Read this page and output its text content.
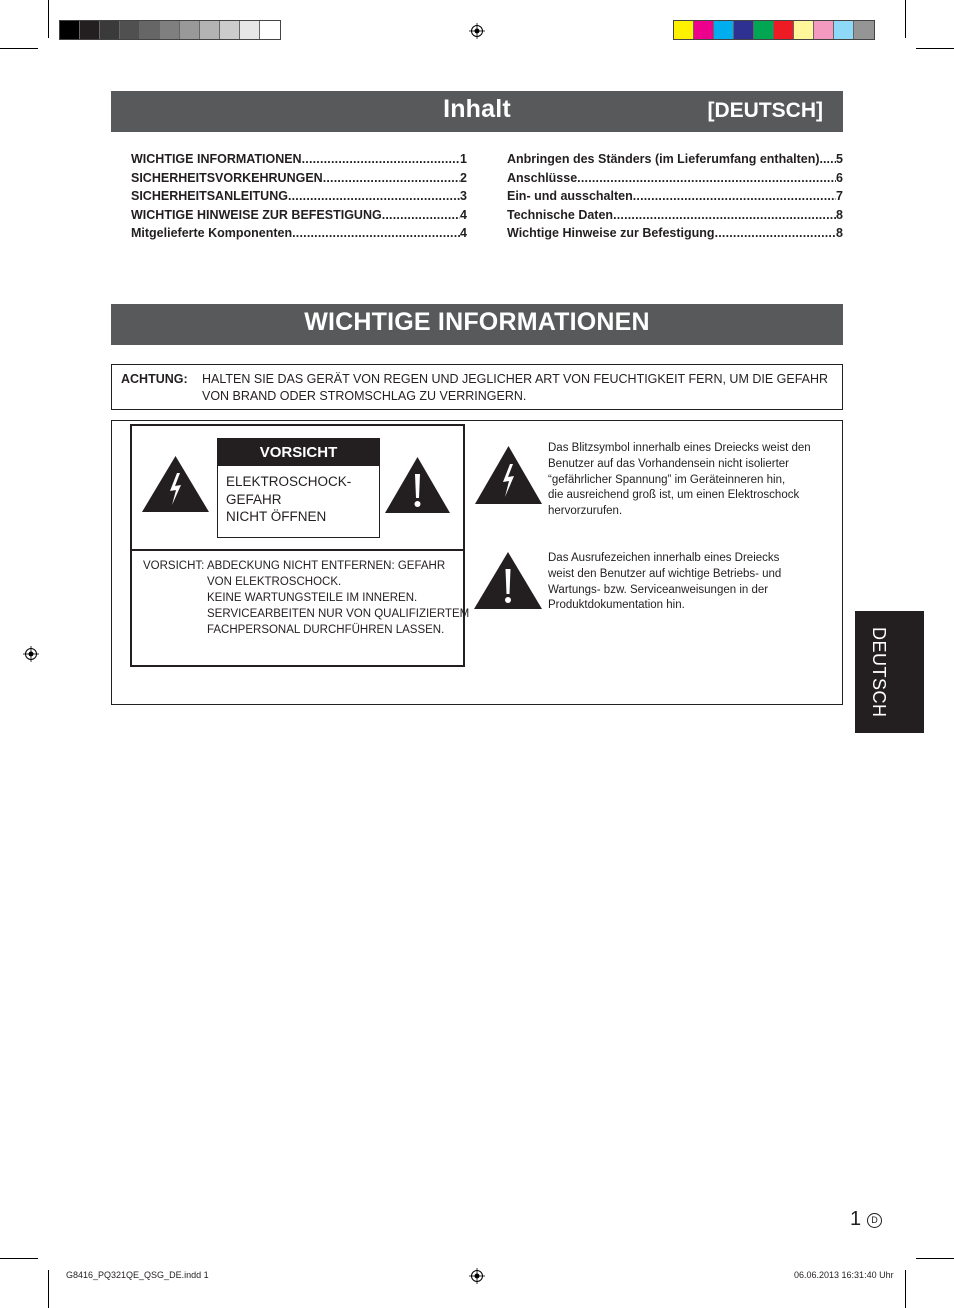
Inhalt	[DEUTSCH]
WICHTIGE INFORMATIONEN .....	1
SICHERHEITSVORKEHRUNGEN .....	2
SICHERHEITSANLEITUNG .....	3
WICHTIGE HINWEISE ZUR BEFESTIGUNG .....	4
Mitgelieferte Komponenten .....	4
Anbringen des Ständers (im Lieferumfang enthalten).. ..... 5
Anschlüsse .....	6
Ein- und ausschalten .....	7
Technische Daten .....	8
Wichtige Hinweise zur Befestigung .....	8
WICHTIGE INFORMATIONEN
ACHTUNG: HALTEN SIE DAS GERÄT VON REGEN UND JEGLICHER ART VON FEUCHTIGKEIT FERN, UM DIE GEFAHR VON BRAND ODER STROMSCHLAG ZU VERRINGERN.
VORSICHT
ELEKTROSCHOCK-
GEFAHR
NICHT ÖFFNEN
VORSICHT: ABDECKUNG NICHT ENTFERNEN: GEFAHR
VON ELEKTROSCHOCK.
KEINE WARTUNGSTEILE IM INNEREN.
SERVICEARBEITEN NUR VON QUALIFIZIERTEM
FACHPERSONAL DURCHFÜHREN LASSEN.
Das Blitzsymbol innerhalb eines Dreiecks weist den
Benutzer auf das Vorhandensein nicht isolierter
“gefährlicher Spannung” im Geräteinneren hin,
die ausreichend groß ist, um einen Elektroschock
hervorzurufen.
Das Ausrufezeichen innerhalb eines Dreiecks
weist den Benutzer auf wichtige Betriebs- und
Wartungs- bzw. Serviceanweisungen in der
Produktdokumentation hin.
DEUTSCH
1	D
G8416_PQ321QE_QSG_DE.indd 1	06.06.2013 16:31:40 Uhr
